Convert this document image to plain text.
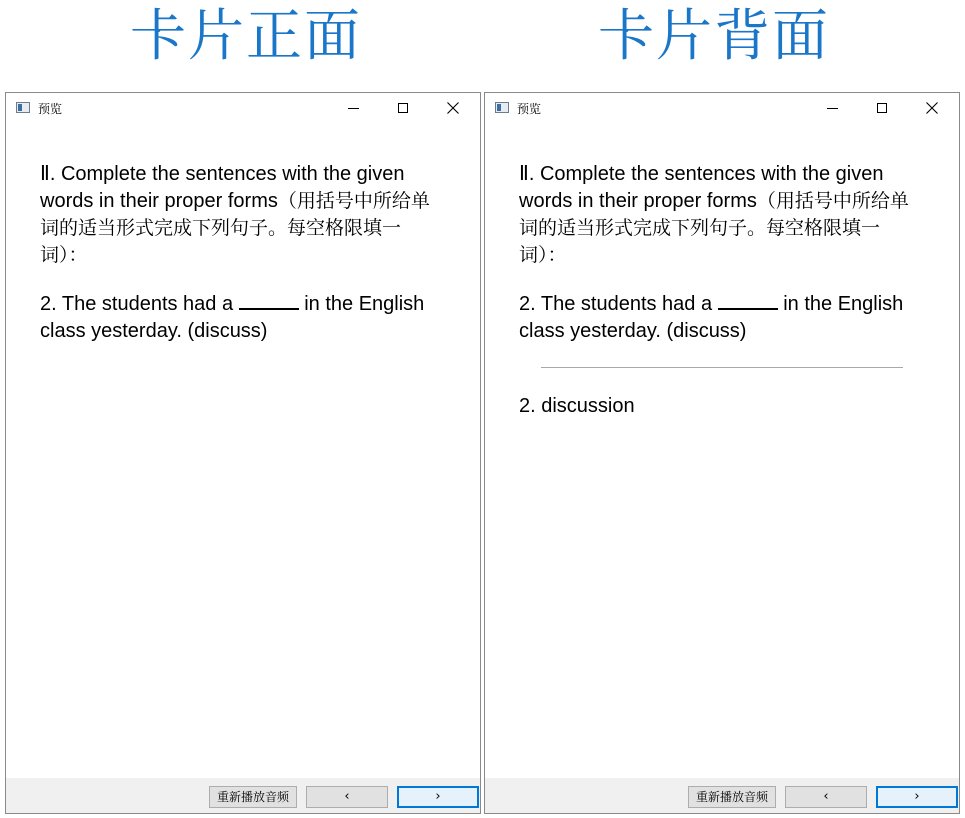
卡片正面	卡片背面
预览

Ⅱ. Complete the sentences with the given words in their proper forms（用括号中所给单词的适当形式完成下列句子。每空格限填一词）：

2. The students had a	in the English class yesterday. (discuss)

重新播放音频	‹	›
预览

Ⅱ. Complete the sentences with the given words in their proper forms（用括号中所给单词的适当形式完成下列句子。每空格限填一词）：

2. The students had a	in the English class yesterday. (discuss)

2. discussion

重新播放音频	‹	›
